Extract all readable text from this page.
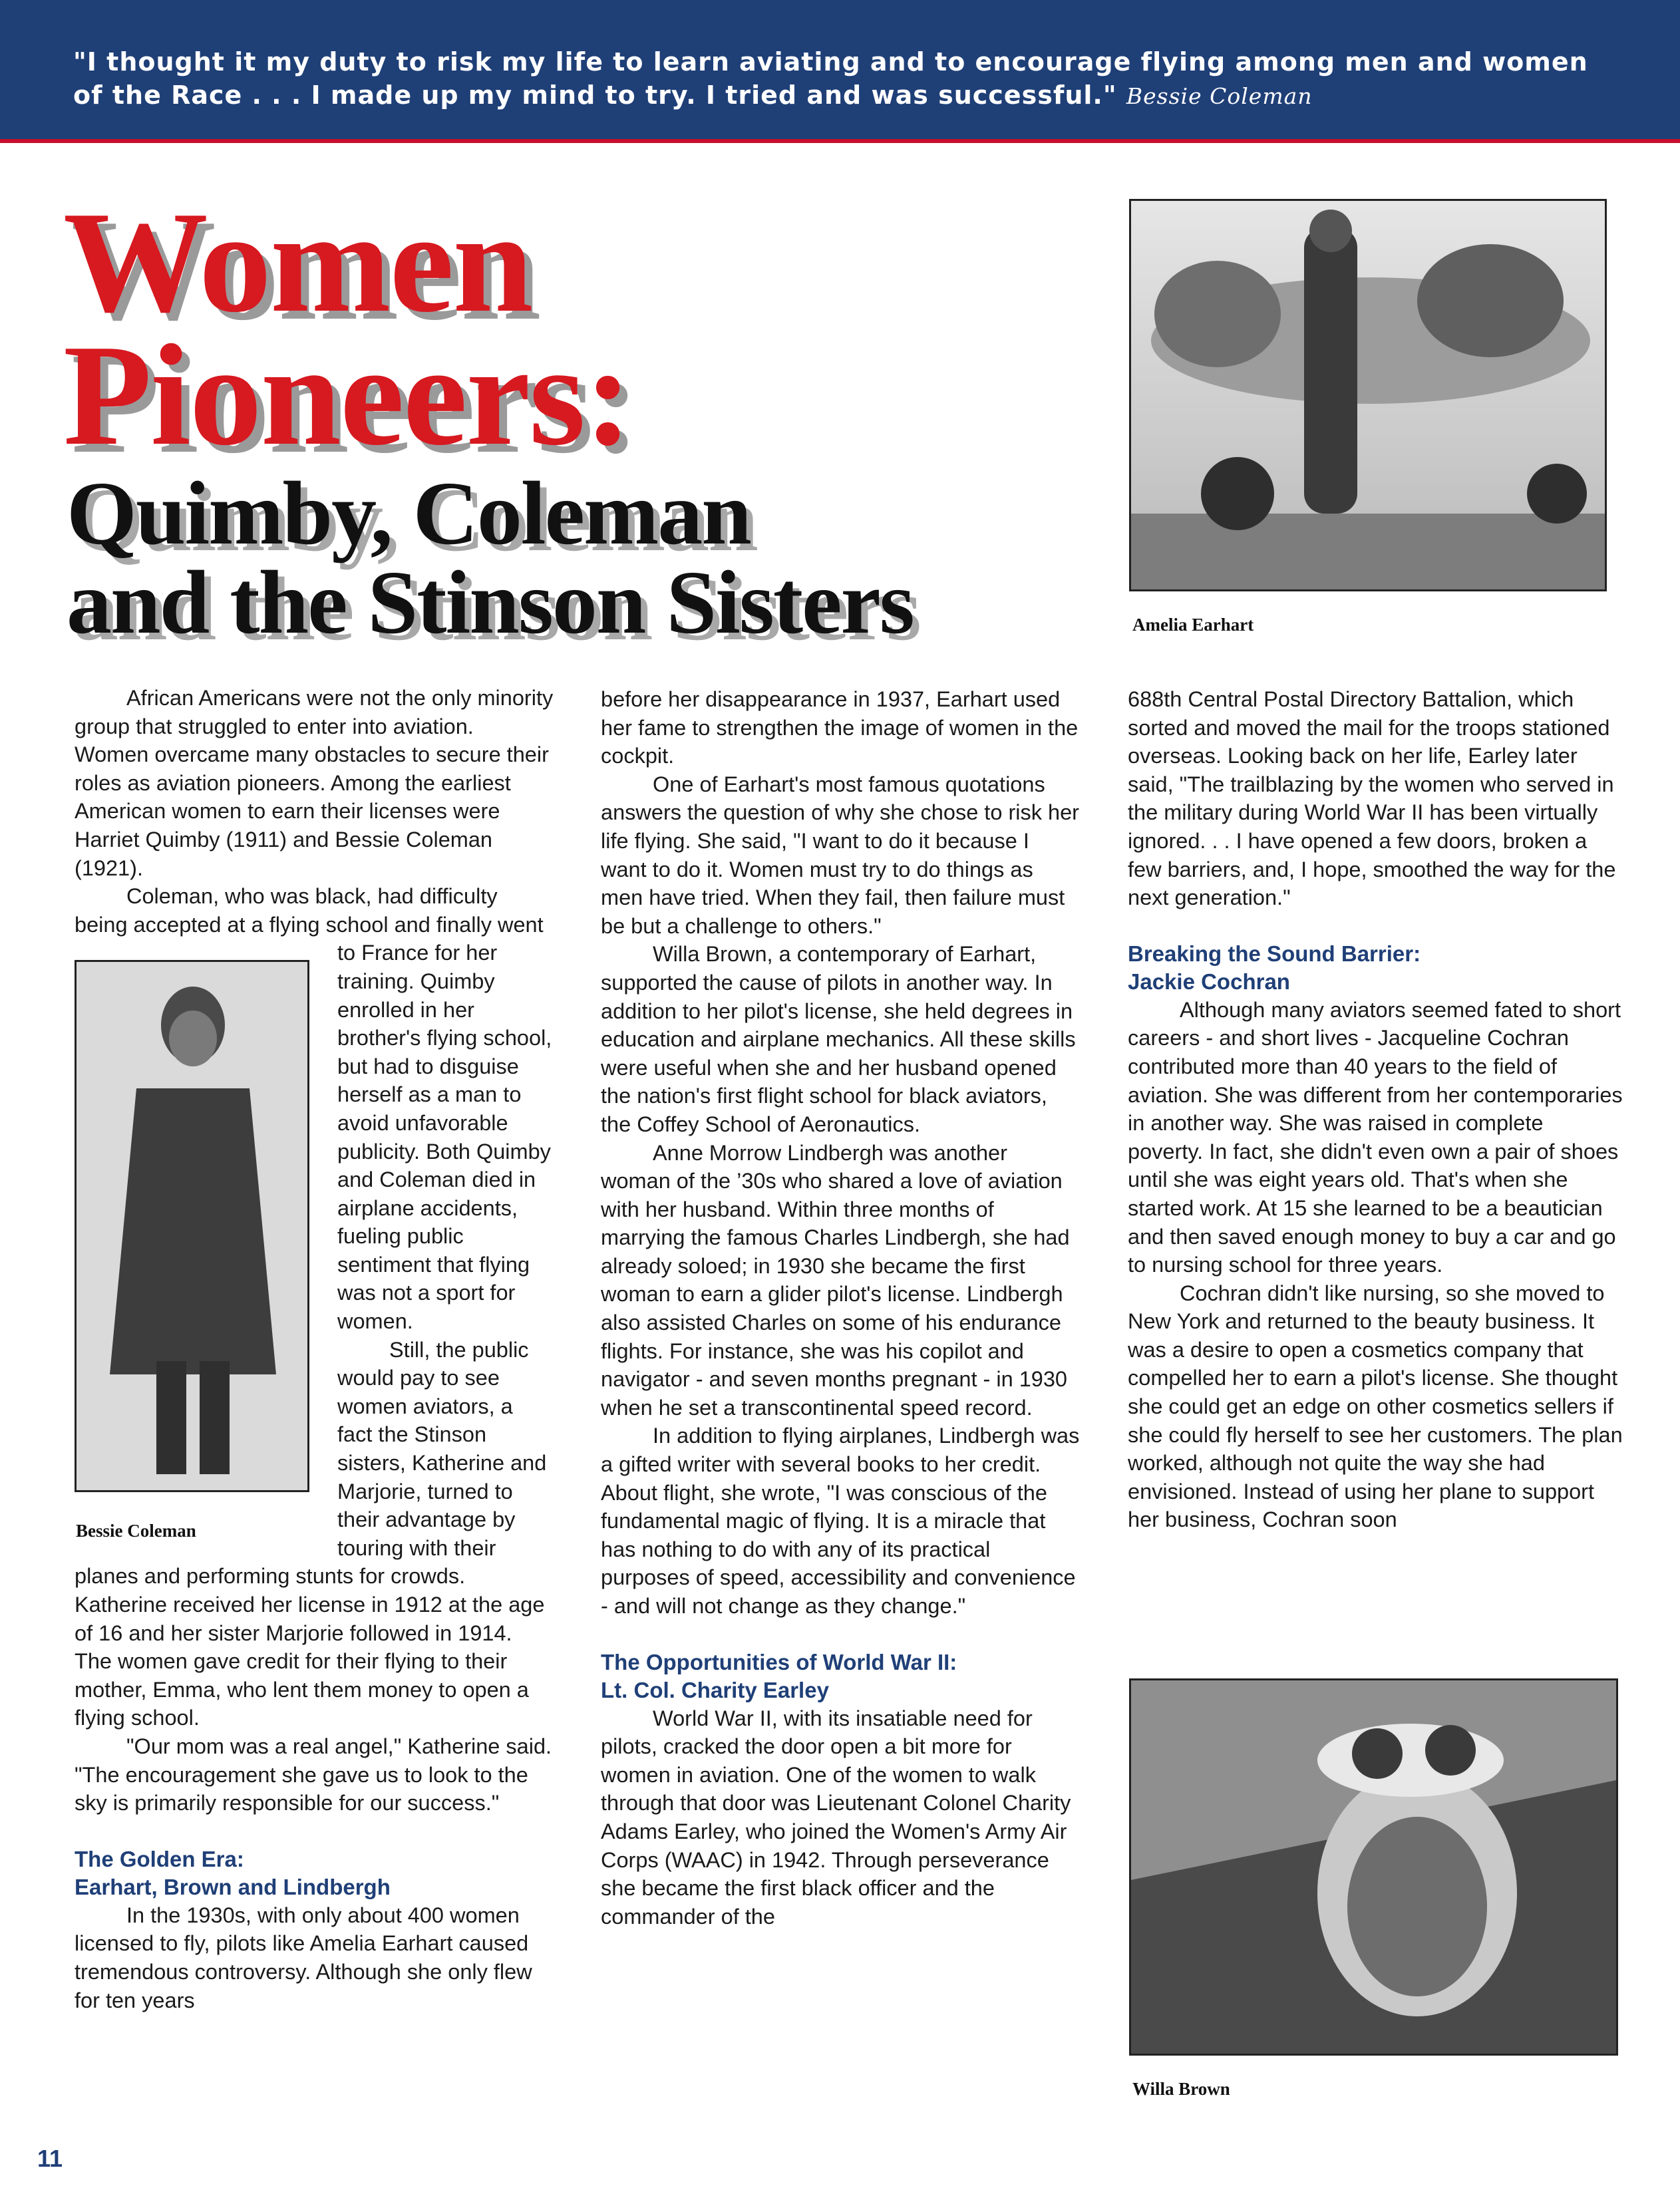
"I thought it my duty to risk my life to learn aviating and to encourage flying among men and women of the Race . . . I made up my mind to try. I tried and was successful." Bessie Coleman

Women
Pioneers:
Quimby, Coleman
and the Stinson Sisters	Amelia Earhart

African Americans were not the only minority group that struggled to enter into aviation. Women overcame many obstacles to secure their roles as aviation pioneers. Among the earliest American women to earn their licenses were Harriet Quimby (1911) and Bessie Coleman (1921).

Coleman, who was black, had difficulty being accepted at a flying school and finally went to France for her training. Quimby enrolled in her brother's flying school, but had to disguise herself as a man to avoid unfavorable publicity. Both Quimby and Coleman died in airplane accidents, fueling public sentiment that flying was not a sport for women.

Still, the public would pay to see women aviators, a fact the Stinson sisters, Katherine and Marjorie, turned to their advantage by touring with their planes and performing stunts for crowds. Katherine received her license in 1912 at the age of 16 and her sister Marjorie followed in 1914. The women gave credit for their flying to their mother, Emma, who lent them money to open a flying school.

"Our mom was a real angel," Katherine said. "The encouragement she gave us to look to the sky is primarily responsible for our success."

The Golden Era:
Earhart, Brown and Lindbergh

In the 1930s, with only about 400 women licensed to fly, pilots like Amelia Earhart caused tremendous controversy. Although she only flew for ten years

Bessie Coleman

before her disappearance in 1937, Earhart used her fame to strengthen the image of women in the cockpit.

One of Earhart's most famous quotations answers the question of why she chose to risk her life flying. She said, "I want to do it because I want to do it. Women must try to do things as men have tried. When they fail, then failure must be but a challenge to others."

Willa Brown, a contemporary of Earhart, supported the cause of pilots in another way. In addition to her pilot's license, she held degrees in education and airplane mechanics. All these skills were useful when she and her husband opened the nation's first flight school for black aviators, the Coffey School of Aeronautics.

Anne Morrow Lindbergh was another woman of the ’30s who shared a love of aviation with her husband. Within three months of marrying the famous Charles Lindbergh, she had already soloed; in 1930 she became the first woman to earn a glider pilot's license. Lindbergh also assisted Charles on some of his endurance flights. For instance, she was his copilot and navigator - and seven months pregnant - in 1930 when he set a transcontinental speed record.

In addition to flying airplanes, Lindbergh was a gifted writer with several books to her credit. About flight, she wrote, "I was conscious of the fundamental magic of flying. It is a miracle that has nothing to do with any of its practical purposes of speed, accessibility and convenience - and will not change as they change."

The Opportunities of World War II:
Lt. Col. Charity Earley

World War II, with its insatiable need for pilots, cracked the door open a bit more for women in aviation. One of the women to walk through that door was Lieutenant Colonel Charity Adams Earley, who joined the Women's Army Air Corps (WAAC) in 1942. Through perseverance she became the first black officer and the commander of the

688th Central Postal Directory Battalion, which sorted and moved the mail for the troops stationed overseas. Looking back on her life, Earley later said, "The trailblazing by the women who served in the military during World War II has been virtually ignored. . . I have opened a few doors, broken a few barriers, and, I hope, smoothed the way for the next generation."

Breaking the Sound Barrier:
Jackie Cochran

Although many aviators seemed fated to short careers - and short lives - Jacqueline Cochran contributed more than 40 years to the field of aviation. She was different from her contemporaries in another way. She was raised in complete poverty. In fact, she didn't even own a pair of shoes until she was eight years old. That's when she started work. At 15 she learned to be a beautician and then saved enough money to buy a car and go to nursing school for three years.

Cochran didn't like nursing, so she moved to New York and returned to the beauty business. It was a desire to open a cosmetics company that compelled her to earn a pilot's license. She thought she could get an edge on other cosmetics sellers if she could fly herself to see her customers. The plan worked, although not quite the way she had envisioned. Instead of using her plane to support her business, Cochran soon

Willa Brown
11
